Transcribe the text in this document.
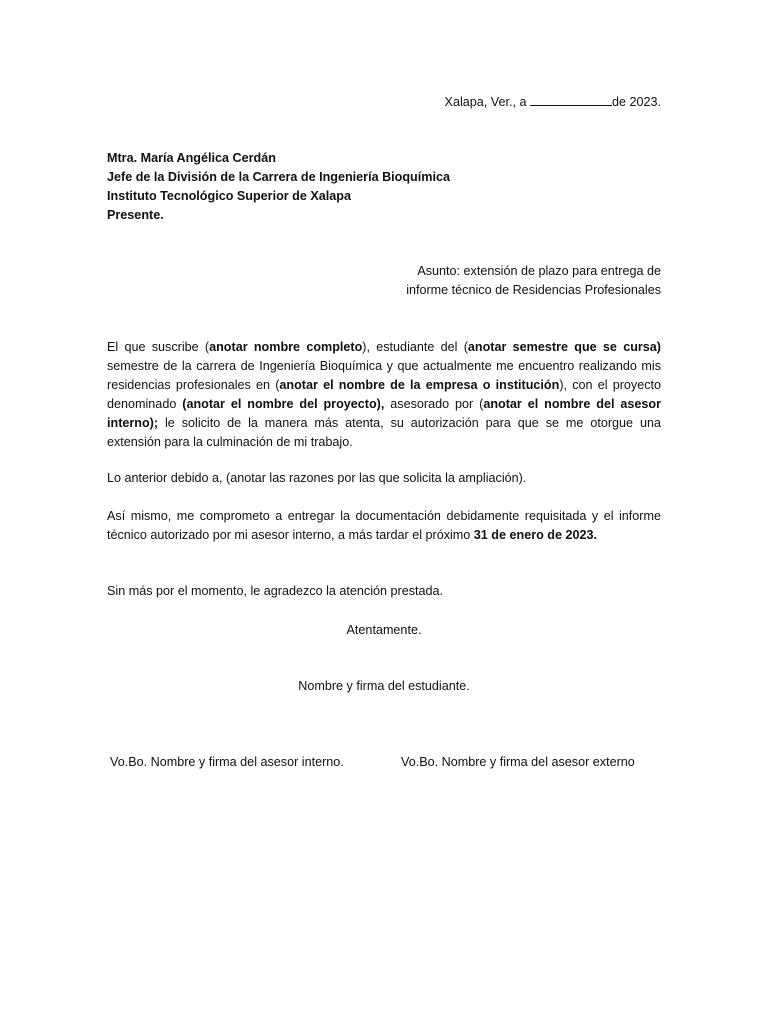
Xalapa, Ver., a	de 2023.
Mtra. María Angélica Cerdán
Jefe de la División de la Carrera de Ingeniería Bioquímica
Instituto Tecnológico Superior de Xalapa
Presente.
Asunto: extensión de plazo para entrega de
informe técnico de Residencias Profesionales
El que suscribe (anotar nombre completo), estudiante del (anotar semestre que se cursa) semestre de la carrera de Ingeniería Bioquímica y que actualmente me encuentro realizando mis residencias profesionales en (anotar el nombre de la empresa o institución), con el proyecto denominado (anotar el nombre del proyecto), asesorado por (anotar el nombre del asesor interno); le solicito de la manera más atenta, su autorización para que se me otorgue una extensión para la culminación de mi trabajo.
Lo anterior debido a, (anotar las razones por las que solicita la ampliación).
Así mismo, me comprometo a entregar la documentación debidamente requisitada y el informe técnico autorizado por mi asesor interno, a más tardar el próximo 31 de enero de 2023.
Sin más por el momento, le agradezco la atención prestada.
Atentamente.
Nombre y firma del estudiante.
Vo.Bo. Nombre y firma del asesor interno.	Vo.Bo. Nombre y firma del asesor externo
